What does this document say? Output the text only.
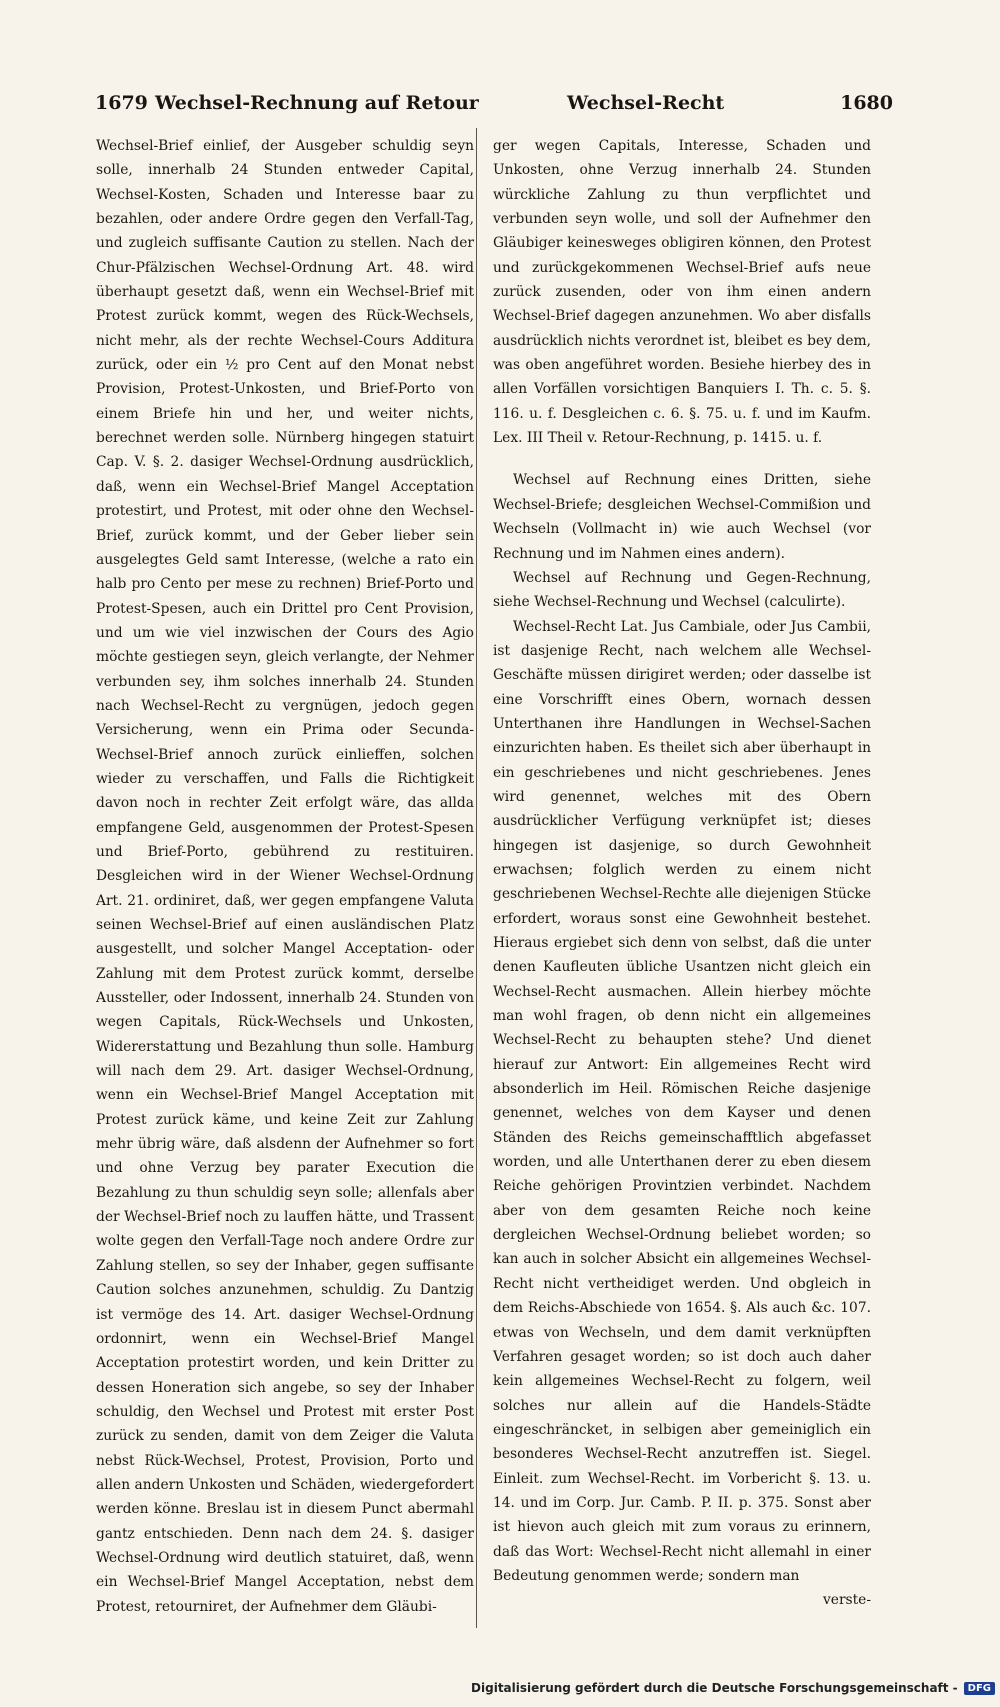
1679 Wechsel-Rechnung auf Retour	Wechsel-Recht	1680

Wechsel-Brief einlief, der Ausgeber schuldig seyn solle, innerhalb 24 Stunden entweder Capital, Wechsel-Kosten, Schaden und Interesse baar zu bezahlen, oder andere Ordre gegen den Verfall-Tag, und zugleich suffisante Caution zu stellen. Nach der Chur-Pfälzischen Wechsel-Ordnung Art. 48. wird überhaupt gesetzt daß, wenn ein Wechsel-Brief mit Protest zurück kommt, wegen des Rück-Wechsels, nicht mehr, als der rechte Wechsel-Cours Additura zurück, oder ein ½ pro Cent auf den Monat nebst Provision, Protest-Unkosten, und Brief-Porto von einem Briefe hin und her, und weiter nichts, berechnet werden solle. Nürnberg hingegen statuirt Cap. V. §. 2. dasiger Wechsel-Ordnung ausdrücklich, daß, wenn ein Wechsel-Brief Mangel Acceptation protestirt, und Protest, mit oder ohne den Wechsel-Brief, zurück kommt, und der Geber lieber sein ausgelegtes Geld samt Interesse, (welche a rato ein halb pro Cento per mese zu rechnen) Brief-Porto und Protest-Spesen, auch ein Drittel pro Cent Provision, und um wie viel inzwischen der Cours des Agio möchte gestiegen seyn, gleich verlangte, der Nehmer verbunden sey, ihm solches innerhalb 24. Stunden nach Wechsel-Recht zu vergnügen, jedoch gegen Versicherung, wenn ein Prima oder Secunda-Wechsel-Brief annoch zurück einlieffen, solchen wieder zu verschaffen, und Falls die Richtigkeit davon noch in rechter Zeit erfolgt wäre, das allda empfangene Geld, ausgenommen der Protest-Spesen und Brief-Porto, gebührend zu restituiren. Desgleichen wird in der Wiener Wechsel-Ordnung Art. 21. ordiniret, daß, wer gegen empfangene Valuta seinen Wechsel-Brief auf einen ausländischen Platz ausgestellt, und solcher Mangel Acceptation- oder Zahlung mit dem Protest zurück kommt, derselbe Aussteller, oder Indossent, innerhalb 24. Stunden von wegen Capitals, Rück-Wechsels und Unkosten, Widererstattung und Bezahlung thun solle. Hamburg will nach dem 29. Art. dasiger Wechsel-Ordnung, wenn ein Wechsel-Brief Mangel Acceptation mit Protest zurück käme, und keine Zeit zur Zahlung mehr übrig wäre, daß alsdenn der Aufnehmer so fort und ohne Verzug bey parater Execution die Bezahlung zu thun schuldig seyn solle; allenfals aber der Wechsel-Brief noch zu lauffen hätte, und Trassent wolte gegen den Verfall-Tage noch andere Ordre zur Zahlung stellen, so sey der Inhaber, gegen suffisante Caution solches anzunehmen, schuldig. Zu Dantzig ist vermöge des 14. Art. dasiger Wechsel-Ordnung ordonnirt, wenn ein Wechsel-Brief Mangel Acceptation protestirt worden, und kein Dritter zu dessen Honeration sich angebe, so sey der Inhaber schuldig, den Wechsel und Protest mit erster Post zurück zu senden, damit von dem Zeiger die Valuta nebst Rück-Wechsel, Protest, Provision, Porto und allen andern Unkosten und Schäden, wiedergefordert werden könne. Breslau ist in diesem Punct abermahl gantz entschieden. Denn nach dem 24. §. dasiger Wechsel-Ordnung wird deutlich statuiret, daß, wenn ein Wechsel-Brief Mangel Acceptation, nebst dem Protest, retourniret, der Aufnehmer dem Gläubi-

ger wegen Capitals, Interesse, Schaden und Unkosten, ohne Verzug innerhalb 24. Stunden würckliche Zahlung zu thun verpflichtet und verbunden seyn wolle, und soll der Aufnehmer den Gläubiger keinesweges obligiren können, den Protest und zurückgekommenen Wechsel-Brief aufs neue zurück zusenden, oder von ihm einen andern Wechsel-Brief dagegen anzunehmen. Wo aber disfalls ausdrücklich nichts verordnet ist, bleibet es bey dem, was oben angeführet worden. Besiehe hierbey des in allen Vorfällen vorsichtigen Banquiers I. Th. c. 5. §. 116. u. f. Desgleichen c. 6. §. 75. u. f. und im Kaufm. Lex. III Theil v. Retour-Rechnung, p. 1415. u. f.

Wechsel auf Rechnung eines Dritten, siehe Wechsel-Briefe; desgleichen Wechsel-Commißion und Wechseln (Vollmacht in) wie auch Wechsel (vor Rechnung und im Nahmen eines andern).

Wechsel auf Rechnung und Gegen-Rechnung, siehe Wechsel-Rechnung und Wechsel (calculirte).

Wechsel-Recht Lat. Jus Cambiale, oder Jus Cambii, ist dasjenige Recht, nach welchem alle Wechsel-Geschäfte müssen dirigiret werden; oder dasselbe ist eine Vorschrifft eines Obern, wornach dessen Unterthanen ihre Handlungen in Wechsel-Sachen einzurichten haben. Es theilet sich aber überhaupt in ein geschriebenes und nicht geschriebenes. Jenes wird genennet, welches mit des Obern ausdrücklicher Verfügung verknüpfet ist; dieses hingegen ist dasjenige, so durch Gewohnheit erwachsen; folglich werden zu einem nicht geschriebenen Wechsel-Rechte alle diejenigen Stücke erfordert, woraus sonst eine Gewohnheit bestehet. Hieraus ergiebet sich denn von selbst, daß die unter denen Kaufleuten übliche Usantzen nicht gleich ein Wechsel-Recht ausmachen. Allein hierbey möchte man wohl fragen, ob denn nicht ein allgemeines Wechsel-Recht zu behaupten stehe? Und dienet hierauf zur Antwort: Ein allgemeines Recht wird absonderlich im Heil. Römischen Reiche dasjenige genennet, welches von dem Kayser und denen Ständen des Reichs gemeinschafftlich abgefasset worden, und alle Unterthanen derer zu eben diesem Reiche gehörigen Provintzien verbindet. Nachdem aber von dem gesamten Reiche noch keine dergleichen Wechsel-Ordnung beliebet worden; so kan auch in solcher Absicht ein allgemeines Wechsel-Recht nicht vertheidiget werden. Und obgleich in dem Reichs-Abschiede von 1654. §. Als auch &c. 107. etwas von Wechseln, und dem damit verknüpften Verfahren gesaget worden; so ist doch auch daher kein allgemeines Wechsel-Recht zu folgern, weil solches nur allein auf die Handels-Städte eingeschräncket, in selbigen aber gemeiniglich ein besonderes Wechsel-Recht anzutreffen ist. Siegel. Einleit. zum Wechsel-Recht. im Vorbericht §. 13. u. 14. und im Corp. Jur. Camb. P. II. p. 375. Sonst aber ist hievon auch gleich mit zum voraus zu erinnern, daß das Wort: Wechsel-Recht nicht allemahl in einer Bedeutung genommen werde; sondern man

verste-

Digitalisierung gefördert durch die Deutsche Forschungsgemeinschaft -	DFG
